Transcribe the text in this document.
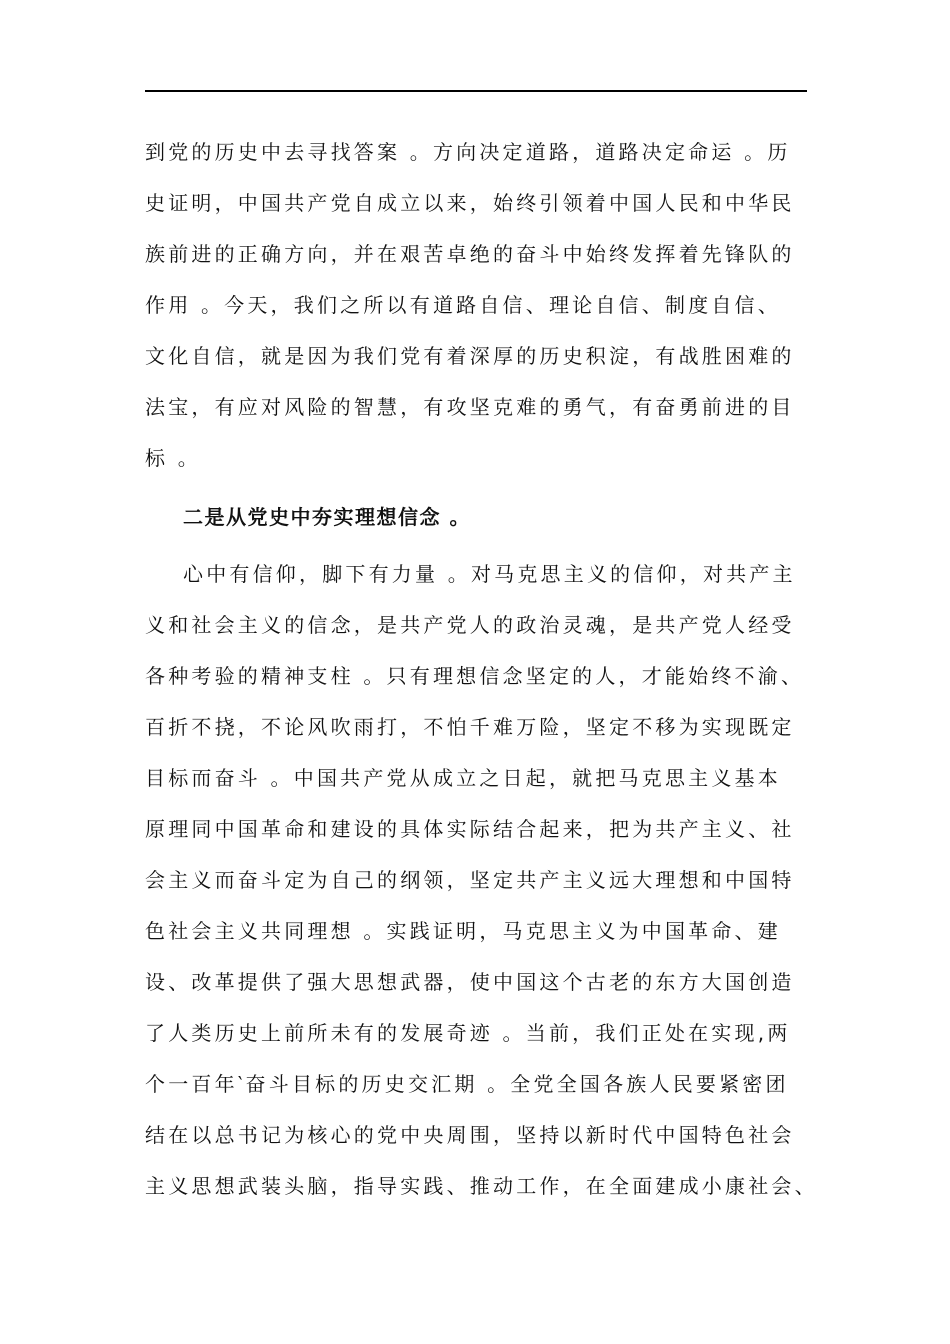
到党的历史中去寻找答案 。方向决定道路，道路决定命运 。历
史证明，中国共产党自成立以来，始终引领着中国人民和中华民
族前进的正确方向，并在艰苦卓绝的奋斗中始终发挥着先锋队的
作用 。今天，我们之所以有道路自信、理论自信、制度自信、
文化自信，就是因为我们党有着深厚的历史积淀，有战胜困难的
法宝，有应对风险的智慧，有攻坚克难的勇气，有奋勇前进的目
标 。
二是从党史中夯实理想信念 。
心中有信仰，脚下有力量 。对马克思主义的信仰，对共产主
义和社会主义的信念，是共产党人的政治灵魂，是共产党人经受
各种考验的精神支柱 。只有理想信念坚定的人，才能始终不渝、
百折不挠，不论风吹雨打，不怕千难万险，坚定不移为实现既定
目标而奋斗 。中国共产党从成立之日起，就把马克思主义基本
原理同中国革命和建设的具体实际结合起来，把为共产主义、社
会主义而奋斗定为自己的纲领，坚定共产主义远大理想和中国特
色社会主义共同理想 。实践证明，马克思主义为中国革命、建
设、改革提供了强大思想武器，使中国这个古老的东方大国创造
了人类历史上前所未有的发展奇迹 。当前，我们正处在实现,两
个一百年‵奋斗目标的历史交汇期 。全党全国各族人民要紧密团
结在以总书记为核心的党中央周围，坚持以新时代中国特色社会
主义思想武装头脑，指导实践、推动工作，在全面建成小康社会、
